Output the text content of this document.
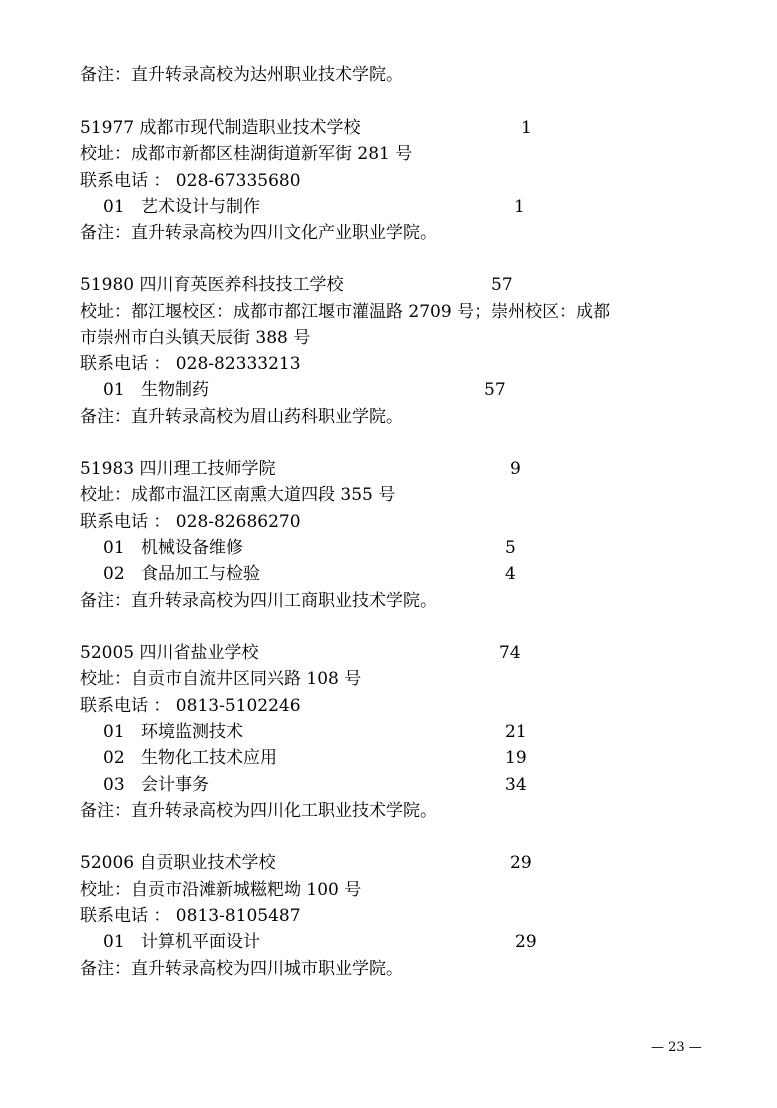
备注：直升转录高校为达州职业技术学院。
51977 成都市现代制造职业技术学校	1
校址：成都市新都区桂湖街道新军街 281 号
联系电话 ： 028-67335680
01 艺术设计与制作	1
备注：直升转录高校为四川文化产业职业学院。
51980 四川育英医养科技技工学校	57
校址：都江堰校区：成都市都江堰市灌温路 2709 号；崇州校区：成都
市崇州市白头镇天辰街 388 号
联系电话 ： 028-82333213
01 生物制药	57
备注：直升转录高校为眉山药科职业学院。
51983 四川理工技师学院	9
校址：成都市温江区南熏大道四段 355 号
联系电话 ： 028-82686270
01 机械设备维修	5
02 食品加工与检验	4
备注：直升转录高校为四川工商职业技术学院。
52005 四川省盐业学校	74
校址：自贡市自流井区同兴路 108 号
联系电话 ： 0813-5102246
01 环境监测技术	21
02 生物化工技术应用	19
03 会计事务	34
备注：直升转录高校为四川化工职业技术学院。
52006 自贡职业技术学校	29
校址：自贡市沿滩新城糍粑坳 100 号
联系电话 ： 0813-8105487
01 计算机平面设计	29
备注：直升转录高校为四川城市职业学院。
— 23 —
